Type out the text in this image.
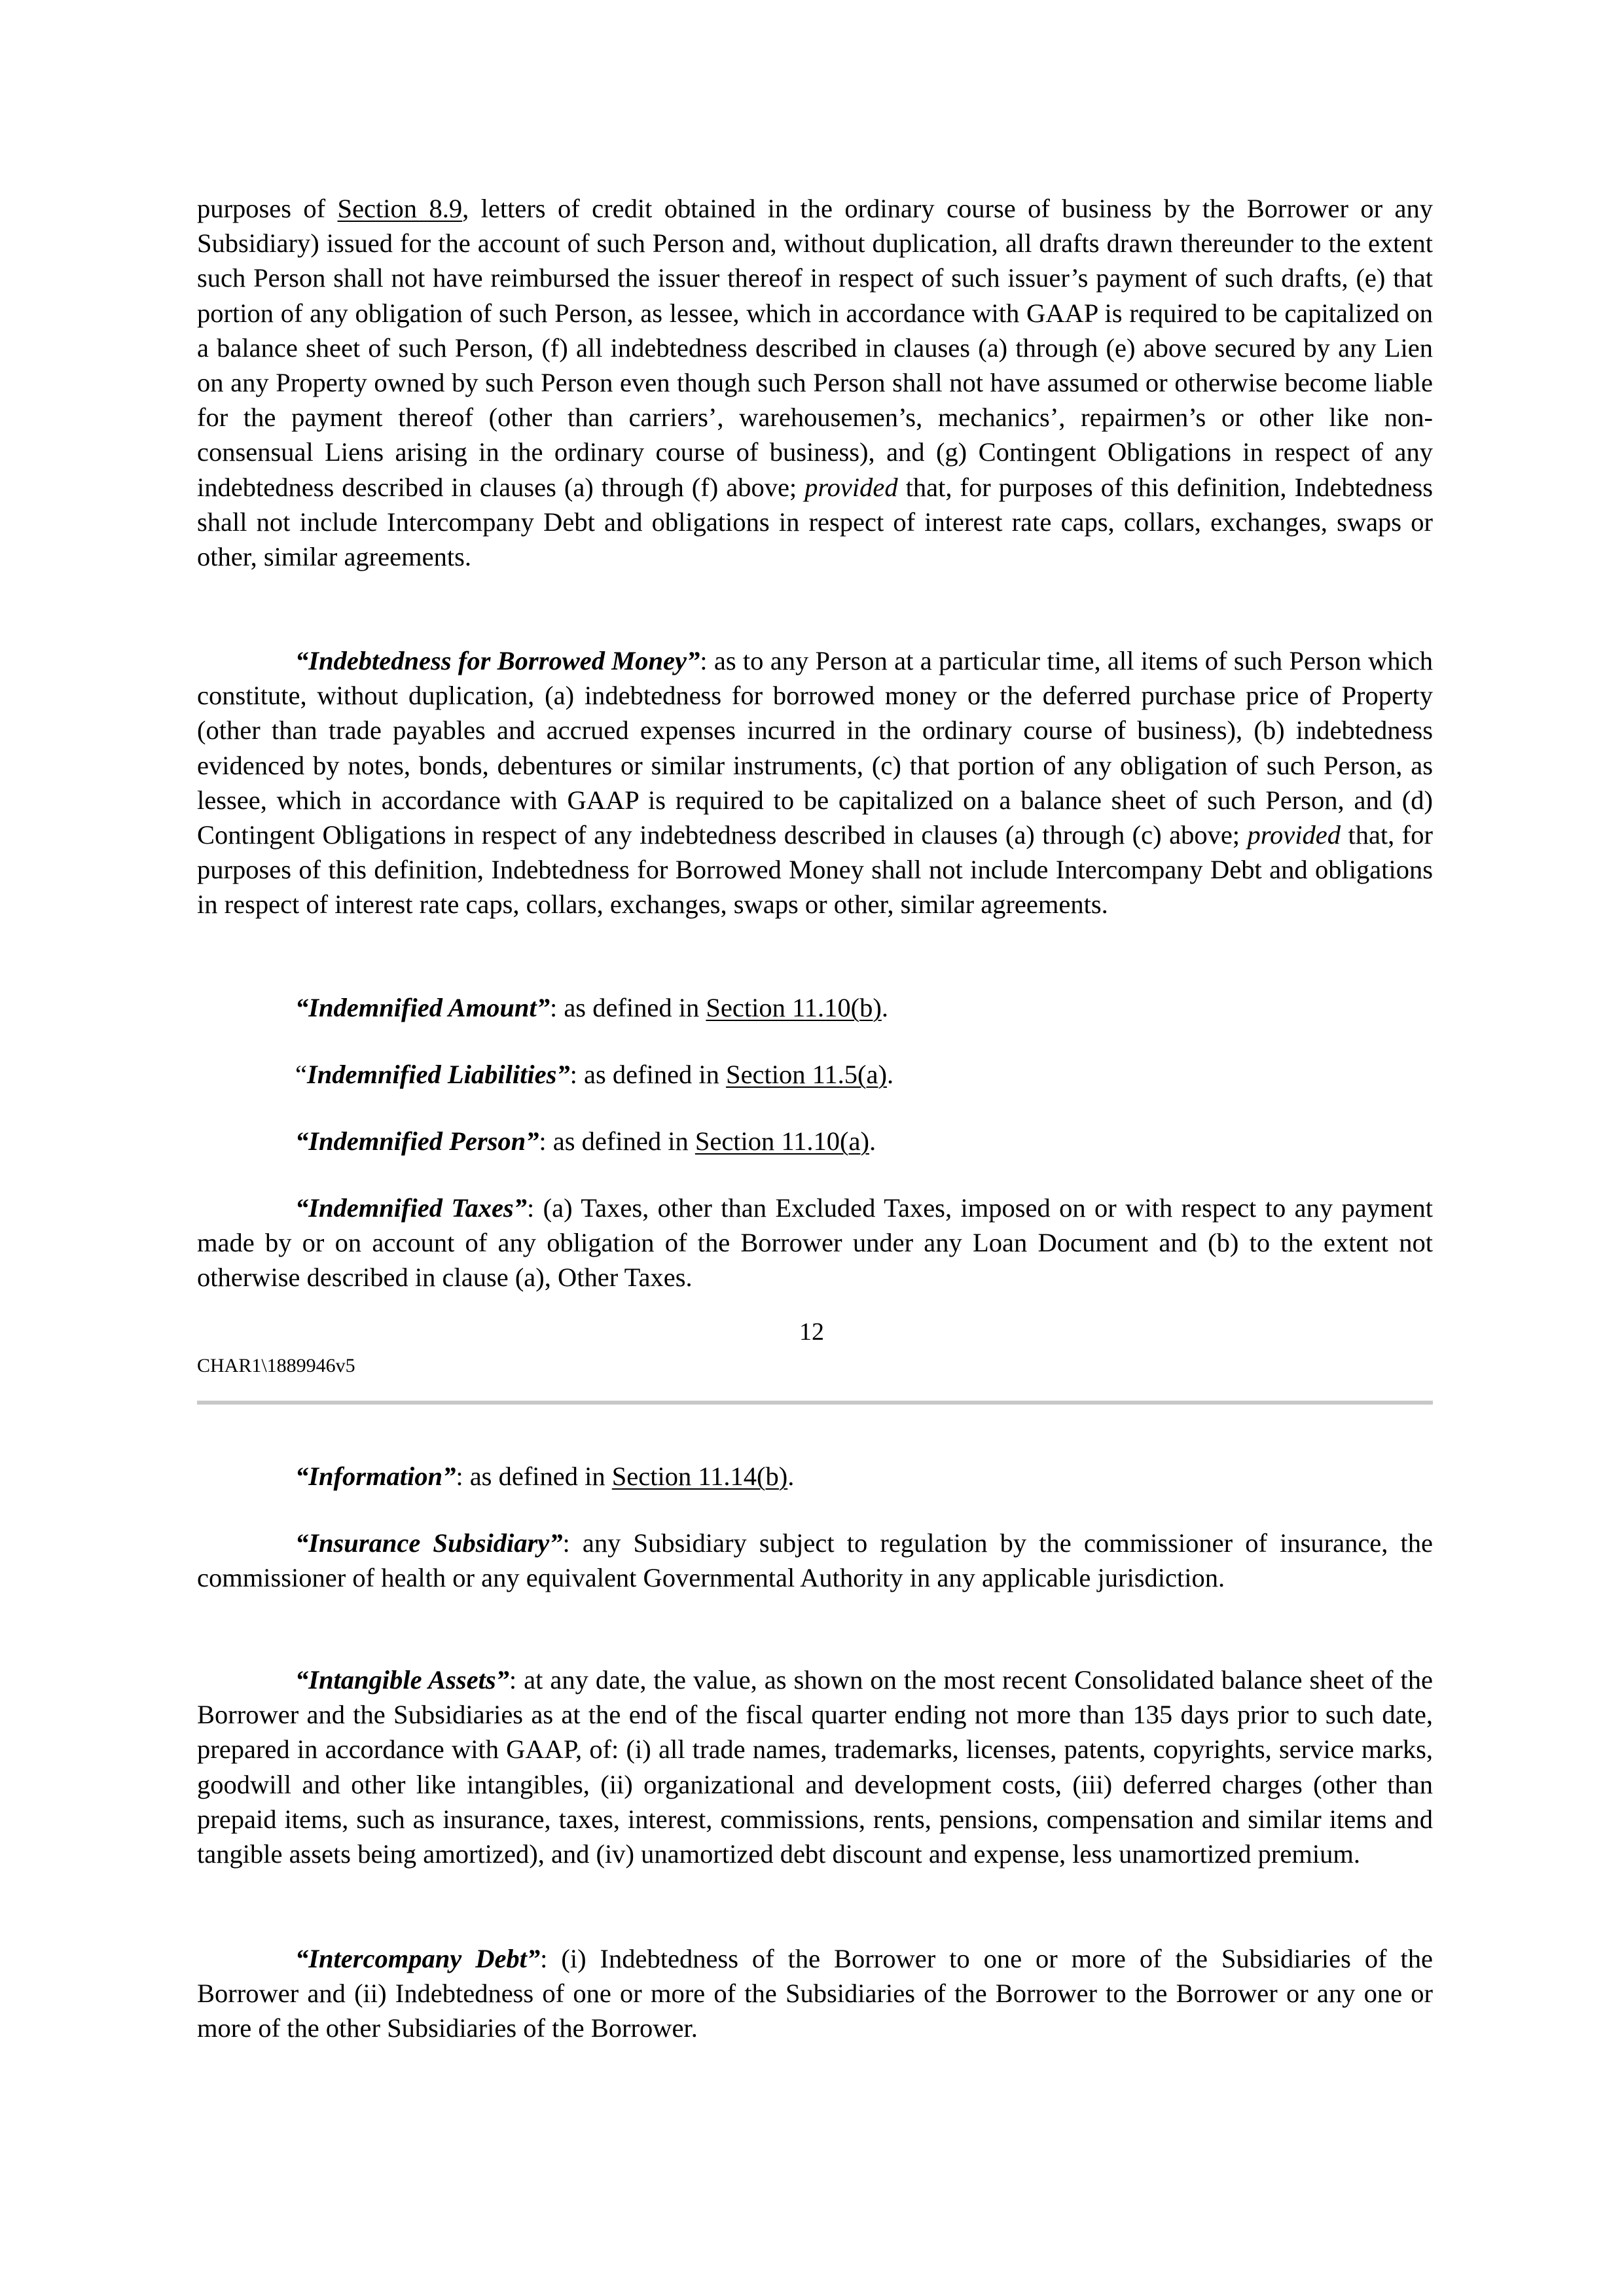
purposes of Section 8.9, letters of credit obtained in the ordinary course of business by the Borrower or any Subsidiary) issued for the account of such Person and, without duplication, all drafts drawn thereunder to the extent such Person shall not have reimbursed the issuer thereof in respect of such issuer’s payment of such drafts, (e) that portion of any obligation of such Person, as lessee, which in accordance with GAAP is required to be capitalized on a balance sheet of such Person, (f) all indebtedness described in clauses (a) through (e) above secured by any Lien on any Property owned by such Person even though such Person shall not have assumed or otherwise become liable for the payment thereof (other than carriers’, warehousemen’s, mechanics’, repairmen’s or other like non-consensual Liens arising in the ordinary course of business), and (g) Contingent Obligations in respect of any indebtedness described in clauses (a) through (f) above; provided that, for purposes of this definition, Indebtedness shall not include Intercompany Debt and obligations in respect of interest rate caps, collars, exchanges, swaps or other, similar agreements.

“Indebtedness for Borrowed Money”: as to any Person at a particular time, all items of such Person which constitute, without duplication, (a) indebtedness for borrowed money or the deferred purchase price of Property (other than trade payables and accrued expenses incurred in the ordinary course of business), (b) indebtedness evidenced by notes, bonds, debentures or similar instruments, (c) that portion of any obligation of such Person, as lessee, which in accordance with GAAP is required to be capitalized on a balance sheet of such Person, and (d) Contingent Obligations in respect of any indebtedness described in clauses (a) through (c) above; provided that, for purposes of this definition, Indebtedness for Borrowed Money shall not include Intercompany Debt and obligations in respect of interest rate caps, collars, exchanges, swaps or other, similar agreements.

“Indemnified Amount”: as defined in Section 11.10(b).

“Indemnified Liabilities”: as defined in Section 11.5(a).

“Indemnified Person”: as defined in Section 11.10(a).

“Indemnified Taxes”: (a) Taxes, other than Excluded Taxes, imposed on or with respect to any payment made by or on account of any obligation of the Borrower under any Loan Document and (b) to the extent not otherwise described in clause (a), Other Taxes.

12
CHAR1\1889946v5

“Information”: as defined in Section 11.14(b).

“Insurance Subsidiary”: any Subsidiary subject to regulation by the commissioner of insurance, the commissioner of health or any equivalent Governmental Authority in any applicable jurisdiction.

“Intangible Assets”: at any date, the value, as shown on the most recent Consolidated balance sheet of the Borrower and the Subsidiaries as at the end of the fiscal quarter ending not more than 135 days prior to such date, prepared in accordance with GAAP, of: (i) all trade names, trademarks, licenses, patents, copyrights, service marks, goodwill and other like intangibles, (ii) organizational and development costs, (iii) deferred charges (other than prepaid items, such as insurance, taxes, interest, commissions, rents, pensions, compensation and similar items and tangible assets being amortized), and (iv) unamortized debt discount and expense, less unamortized premium.

“Intercompany Debt”: (i) Indebtedness of the Borrower to one or more of the Subsidiaries of the Borrower and (ii) Indebtedness of one or more of the Subsidiaries of the Borrower to the Borrower or any one or more of the other Subsidiaries of the Borrower.
